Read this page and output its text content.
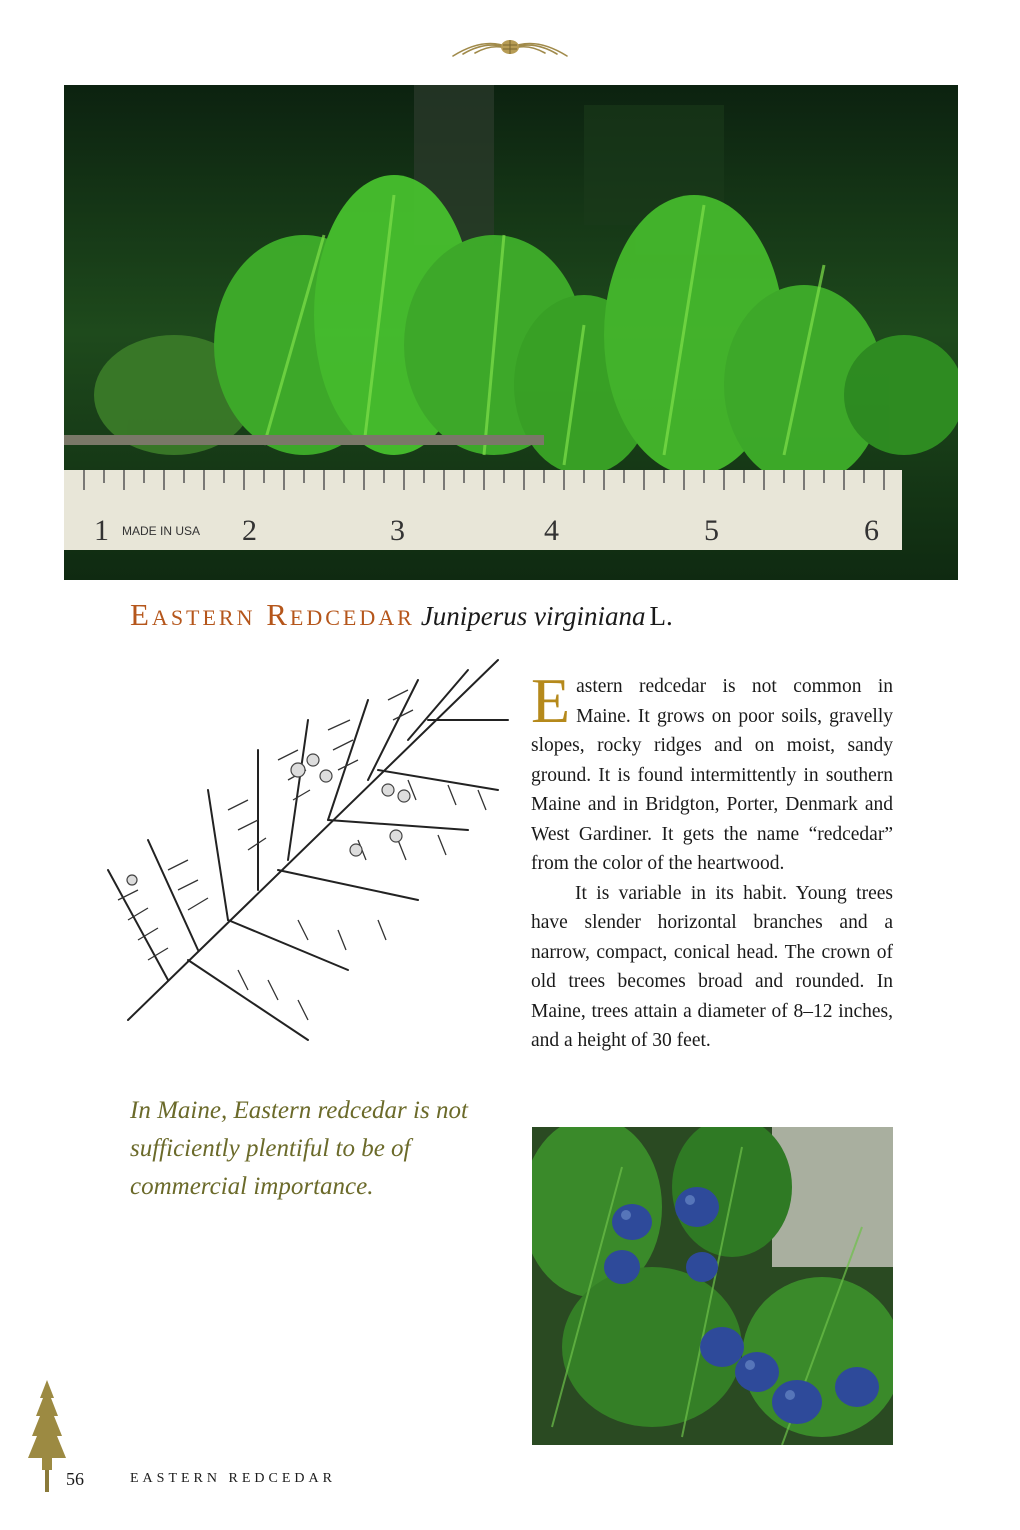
1 MADE IN USA 2	3	4	5	6
Eastern Redcedar Juniperus virginiana L.

Eastern redcedar is not common in Maine. It grows on poor soils, gravelly slopes, rocky ridges and on moist, sandy ground. It is found intermittently in southern Maine and in Bridgton, Porter, Denmark and West Gardiner. It gets the name “redcedar” from the color of the heartwood.

It is variable in its habit. Young trees have slender horizontal branches and a narrow, compact, conical head. The crown of old trees becomes broad and rounded. In Maine, trees attain a diameter of 8–12 inches, and a height of 30 feet.

In Maine, Eastern redcedar is not sufficiently plentiful to be of commercial importance.
56	EASTERN REDCEDAR
